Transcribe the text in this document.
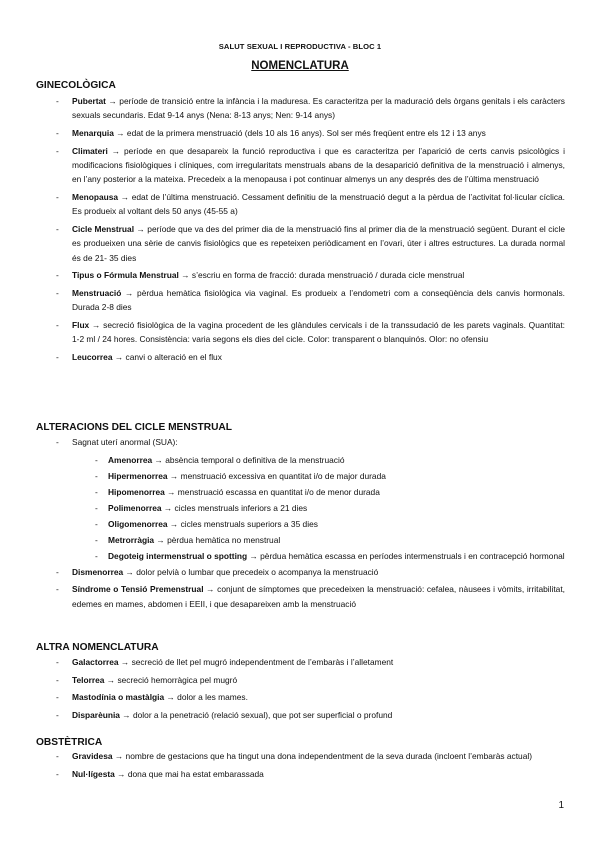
SALUT SEXUAL I REPRODUCTIVA - BLOC 1
NOMENCLATURA
GINECOLÒGICA
- Pubertat → període de transició entre la infància i la maduresa. Es caracteritza per la maduració dels òrgans genitals i els caràcters sexuals secundaris. Edat 9-14 anys (Nena: 8-13 anys; Nen: 9-14 anys)
- Menarquia → edat de la primera menstruació (dels 10 als 16 anys). Sol ser més freqüent entre els 12 i 13 anys
- Climateri → període en que desapareix la funció reproductiva i que es caracteritza per l’aparició de certs canvis psicològics i modificacions fisiològiques i clíniques, com irregularitats menstruals abans de la desaparició definitiva de la menstruació i almenys, en l’any posterior a la mateixa. Precedeix a la menopausa i pot continuar almenys un any després des de l’última menstruació
- Menopausa → edat de l’última menstruació. Cessament definitiu de la menstruació degut a la pèrdua de l’activitat fol·licular cíclica. Es produeix al voltant dels 50 anys (45-55 a)
- Cicle Menstrual → període que va des del primer dia de la menstruació fins al primer dia de la menstruació següent. Durant el cicle es produeixen una sèrie de canvis fisiològics que es repeteixen periòdicament en l’ovari, úter i altres estructures. La durada normal és de 21- 35 dies
- Tipus o Fórmula Menstrual → s’escriu en forma de fracció: durada menstruació / durada cicle menstrual
- Menstruació → pèrdua hemàtica fisiològica via vaginal. Es produeix a l’endometri com a conseqüència dels canvis hormonals. Durada 2-8 dies
- Flux → secreció fisiològica de la vagina procedent de les glàndules cervicals i de la transsudació de les parets vaginals. Quantitat: 1-2 ml / 24 hores. Consistència: varia segons els dies del cicle. Color: transparent o blanquinós. Olor: no ofensiu
- Leucorrea → canvi o alteració en el flux
ALTERACIONS DEL CICLE MENSTRUAL
- Sagnat uterí anormal (SUA):
- Amenorrea → absència temporal o definitiva de la menstruació
- Hipermenorrea → menstruació excessiva en quantitat i/o de major durada
- Hipomenorrea → menstruació escassa en quantitat i/o de menor durada
- Polimenorrea → cicles menstruals inferiors a 21 dies
- Oligomenorrea → cicles menstruals superiors a 35 dies
- Metrorràgia → pèrdua hemàtica no menstrual
- Degoteig intermenstrual o spotting → pèrdua hemàtica escassa en períodes intermenstruals i en contracepció hormonal
- Dismenorrea → dolor pelvià o lumbar que precedeix o acompanya la menstruació
- Síndrome o Tensió Premenstrual → conjunt de símptomes que precedeixen la menstruació: cefalea, nàusees i vòmits, irritabilitat, edemes en mames, abdomen i EEII, i que desapareixen amb la menstruació
ALTRA NOMENCLATURA
- Galactorrea → secreció de llet pel mugró independentment de l’embaràs i l’alletament
- Telorrea → secreció hemorràgica pel mugró
- Mastodínia o mastàlgia → dolor a les mames.
- Disparèunia → dolor a la penetració (relació sexual), que pot ser superficial o profund
OBSTÈTRICA
- Gravidesa → nombre de gestacions que ha tingut una dona independentment de la seva durada (incloent l’embaràs actual)
- Nul·lígesta → dona que mai ha estat embarassada
1
